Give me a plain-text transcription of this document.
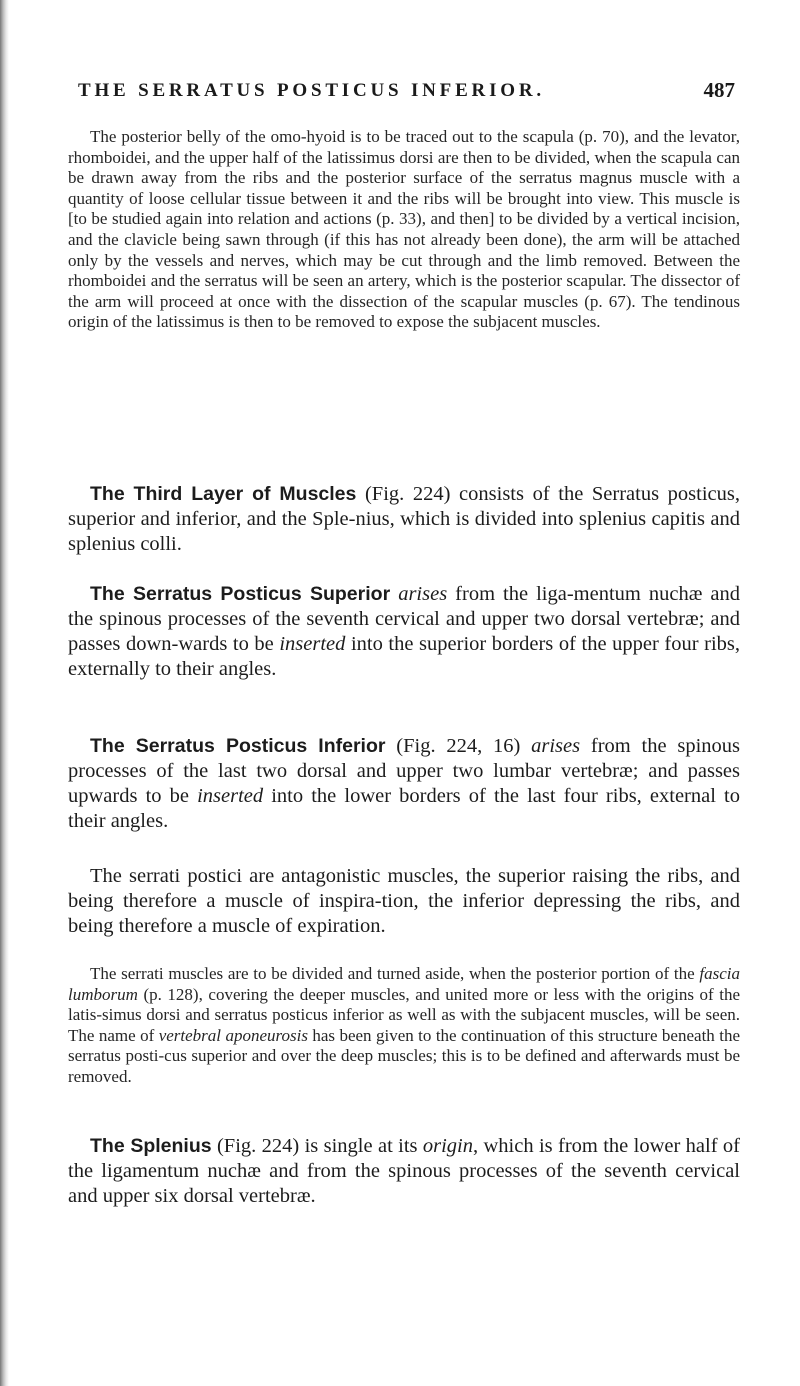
THE SERRATUS POSTICUS INFERIOR.	487

The posterior belly of the omo-hyoid is to be traced out to the scapula (p. 70), and the levator, rhomboidei, and the upper half of the latissimus dorsi are then to be divided, when the scapula can be drawn away from the ribs and the posterior surface of the serratus magnus muscle with a quantity of loose cellular tissue between it and the ribs will be brought into view. This muscle is [to be studied again into relation and actions (p. 33), and then] to be divided by a vertical incision, and the clavicle being sawn through (if this has not already been done), the arm will be attached only by the vessels and nerves, which may be cut through and the limb removed. Between the rhomboidei and the serratus will be seen an artery, which is the posterior scapular. The dissector of the arm will proceed at once with the dissection of the scapular muscles (p. 67). The tendinous origin of the latissimus is then to be removed to expose the subjacent muscles.

The Third Layer of Muscles (Fig. 224) consists of the Serratus posticus, superior and inferior, and the Sple-nius, which is divided into splenius capitis and splenius colli.

The Serratus Posticus Superior arises from the liga-mentum nuchæ and the spinous processes of the seventh cervical and upper two dorsal vertebræ; and passes down-wards to be inserted into the superior borders of the upper four ribs, externally to their angles.

The Serratus Posticus Inferior (Fig. 224, 16) arises from the spinous processes of the last two dorsal and upper two lumbar vertebræ; and passes upwards to be inserted into the lower borders of the last four ribs, external to their angles.

The serrati postici are antagonistic muscles, the superior raising the ribs, and being therefore a muscle of inspira-tion, the inferior depressing the ribs, and being therefore a muscle of expiration.

The serrati muscles are to be divided and turned aside, when the posterior portion of the fascia lumborum (p. 128), covering the deeper muscles, and united more or less with the origins of the latis-simus dorsi and serratus posticus inferior as well as with the subjacent muscles, will be seen. The name of vertebral aponeurosis has been given to the continuation of this structure beneath the serratus posti-cus superior and over the deep muscles; this is to be defined and afterwards must be removed.

The Splenius (Fig. 224) is single at its origin, which is from the lower half of the ligamentum nuchæ and from the spinous processes of the seventh cervical and upper six dorsal vertebræ.
